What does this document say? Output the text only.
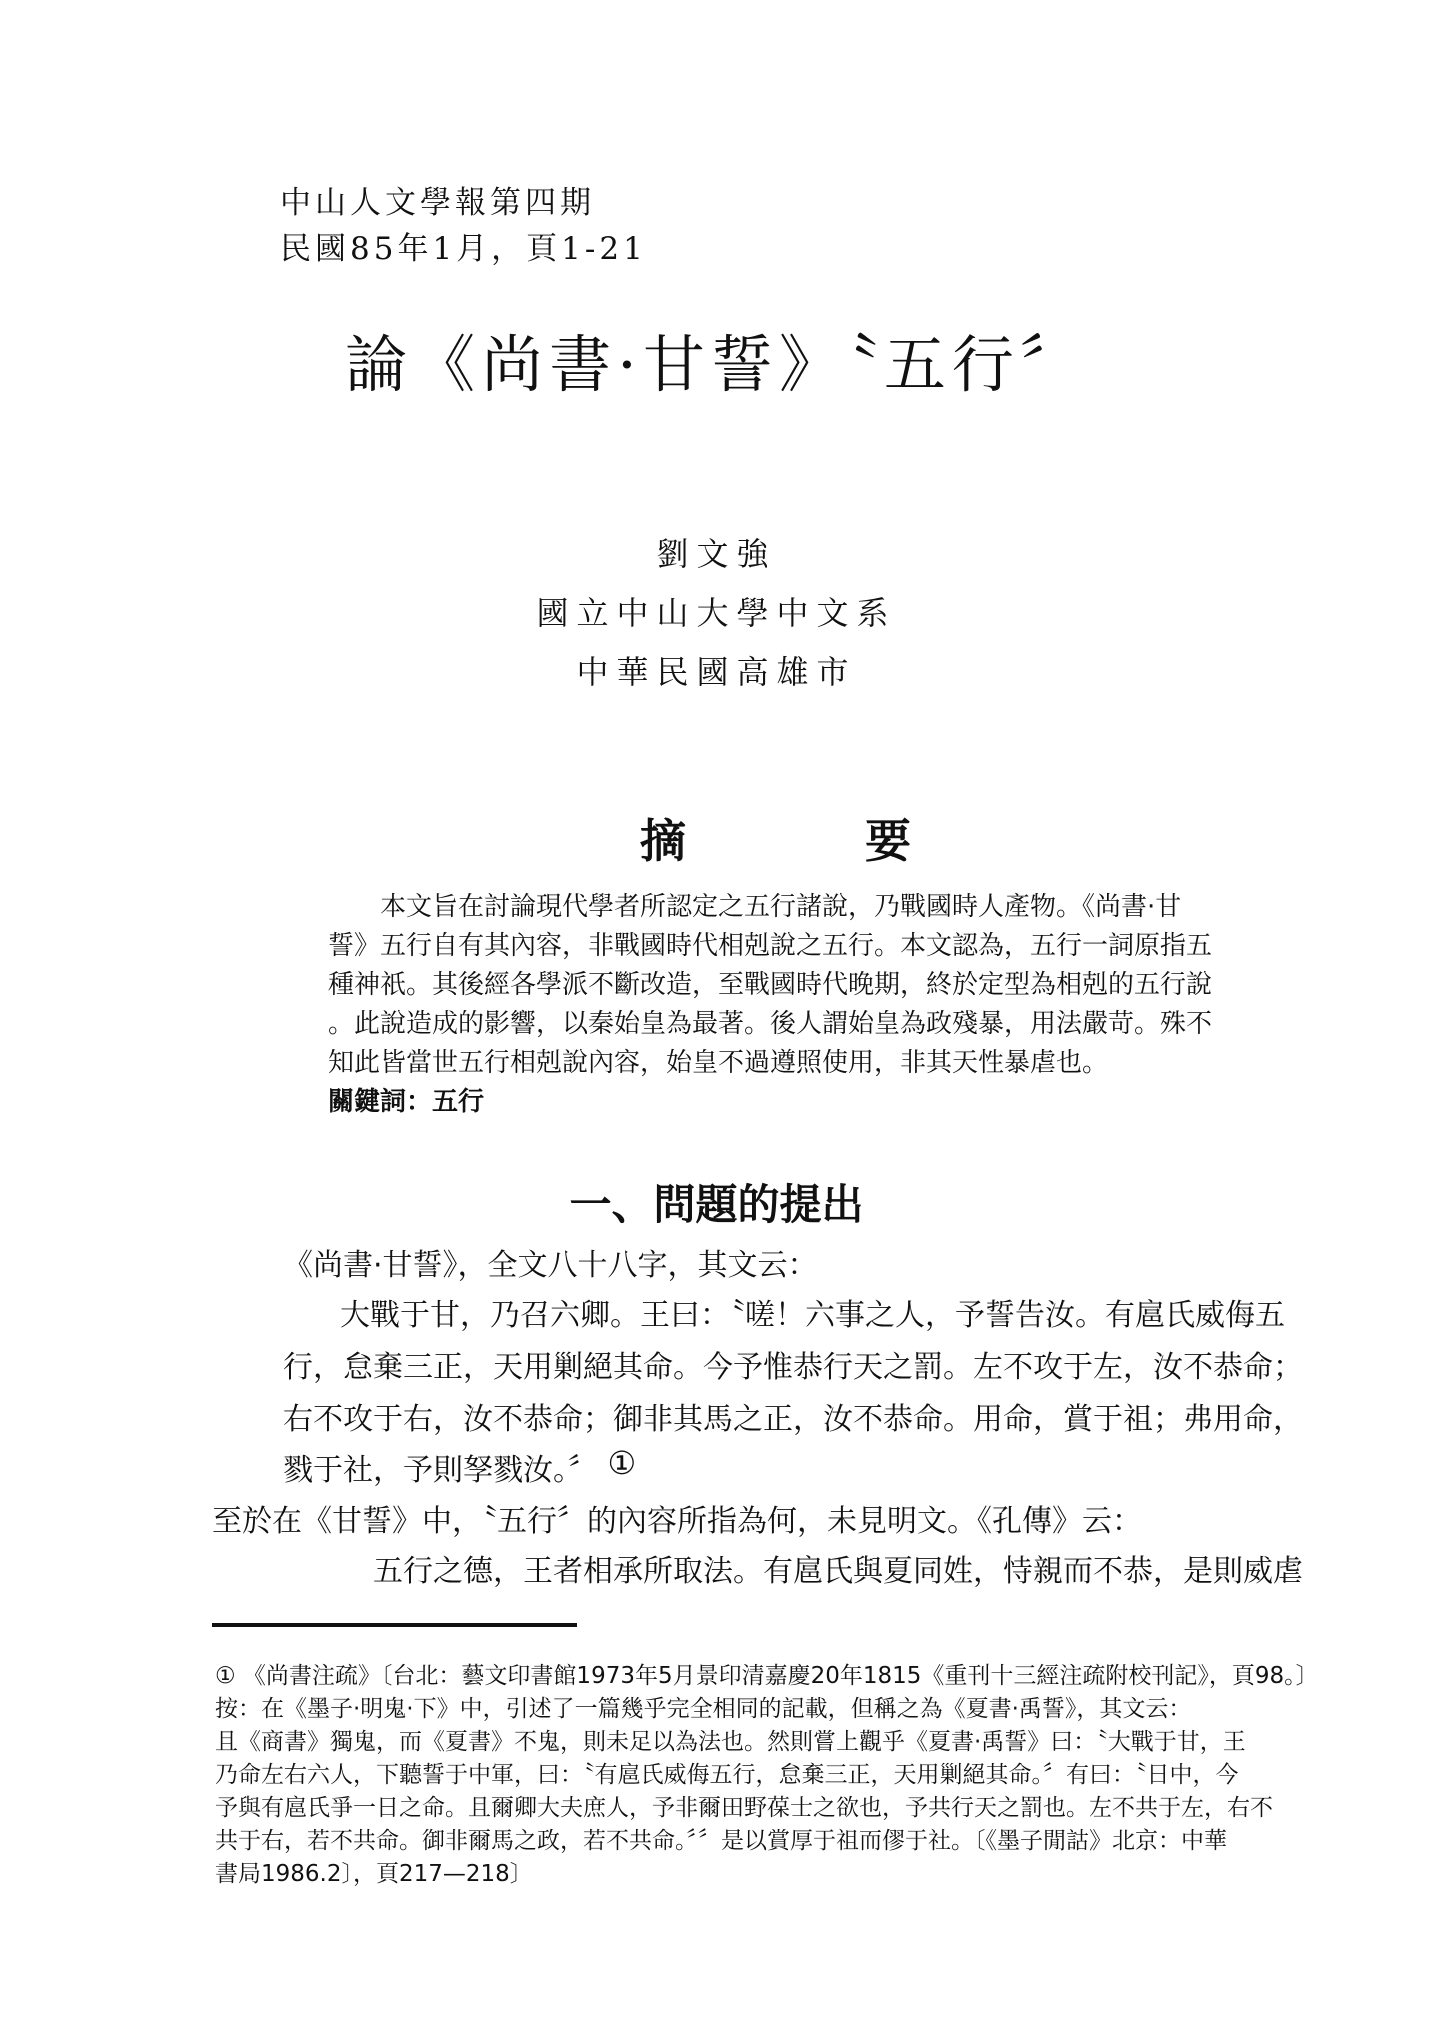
中山人文學報第四期
民國85年1月，頁1-21
論《尚書·甘誓》〝五行〞
劉文強
國立中山大學中文系
中華民國高雄市
摘	要

本文旨在討論現代學者所認定之五行諸說，乃戰國時人產物。《尚書·甘

誓》五行自有其內容，非戰國時代相剋說之五行。本文認為，五行一詞原指五

種神祇。其後經各學派不斷改造，至戰國時代晚期，終於定型為相剋的五行說

。此說造成的影響，以秦始皇為最著。後人謂始皇為政殘暴，用法嚴苛。殊不

知此皆當世五行相剋說內容，始皇不過遵照使用，非其天性暴虐也。

關鍵詞：五行

一、問題的提出
《尚書·甘誓》，全文八十八字，其文云：
大戰于甘，乃召六卿。王曰：〝嗟！六事之人，予誓告汝。有扈氏威侮五
行，怠棄三正，天用剿絕其命。今予惟恭行天之罰。左不攻于左，汝不恭命；
右不攻于右，汝不恭命；御非其馬之正，汝不恭命。用命，賞于祖；弗用命，
戮于社，予則孥戮汝。〞 ①
至於在《甘誓》中，〝五行〞的內容所指為何，未見明文。《孔傳》云：
五行之德，王者相承所取法。有扈氏與夏同姓，恃親而不恭，是則威虐

① 《尚書注疏》〔台北：藝文印書館1973年5月景印清嘉慶20年1815《重刊十三經注疏附校刊記》，頁98。〕

按：在《墨子·明鬼·下》中，引述了一篇幾乎完全相同的記載，但稱之為《夏書·禹誓》，其文云：

且《商書》獨鬼，而《夏書》不鬼，則未足以為法也。然則嘗上觀乎《夏書·禹誓》曰：〝大戰于甘，王

乃命左右六人，下聽誓于中軍，曰：〝有扈氏威侮五行，怠棄三正，天用剿絕其命。〞有曰：〝日中，今

予與有扈氏爭一日之命。且爾卿大夫庶人，予非爾田野葆士之欲也，予共行天之罰也。左不共于左，右不

共于右，若不共命。御非爾馬之政，若不共命。〞〞是以賞厚于祖而僇于社。〔《墨子閒詁》北京：中華

書局1986.2〕，頁217—218〕
